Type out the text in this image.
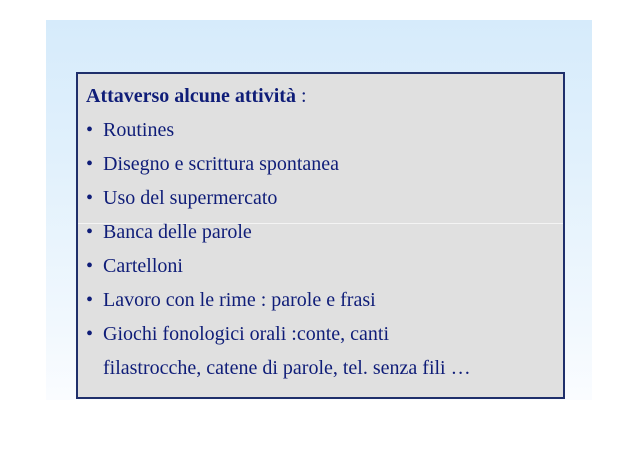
Attaverso alcune attività :

• Routines
• Disegno e scrittura spontanea
• Uso del supermercato
• Banca delle parole
• Cartelloni
• Lavoro con le rime : parole e frasi
• Giochi fonologici orali :conte, canti
filastrocche, catene di parole, tel. senza fili …
